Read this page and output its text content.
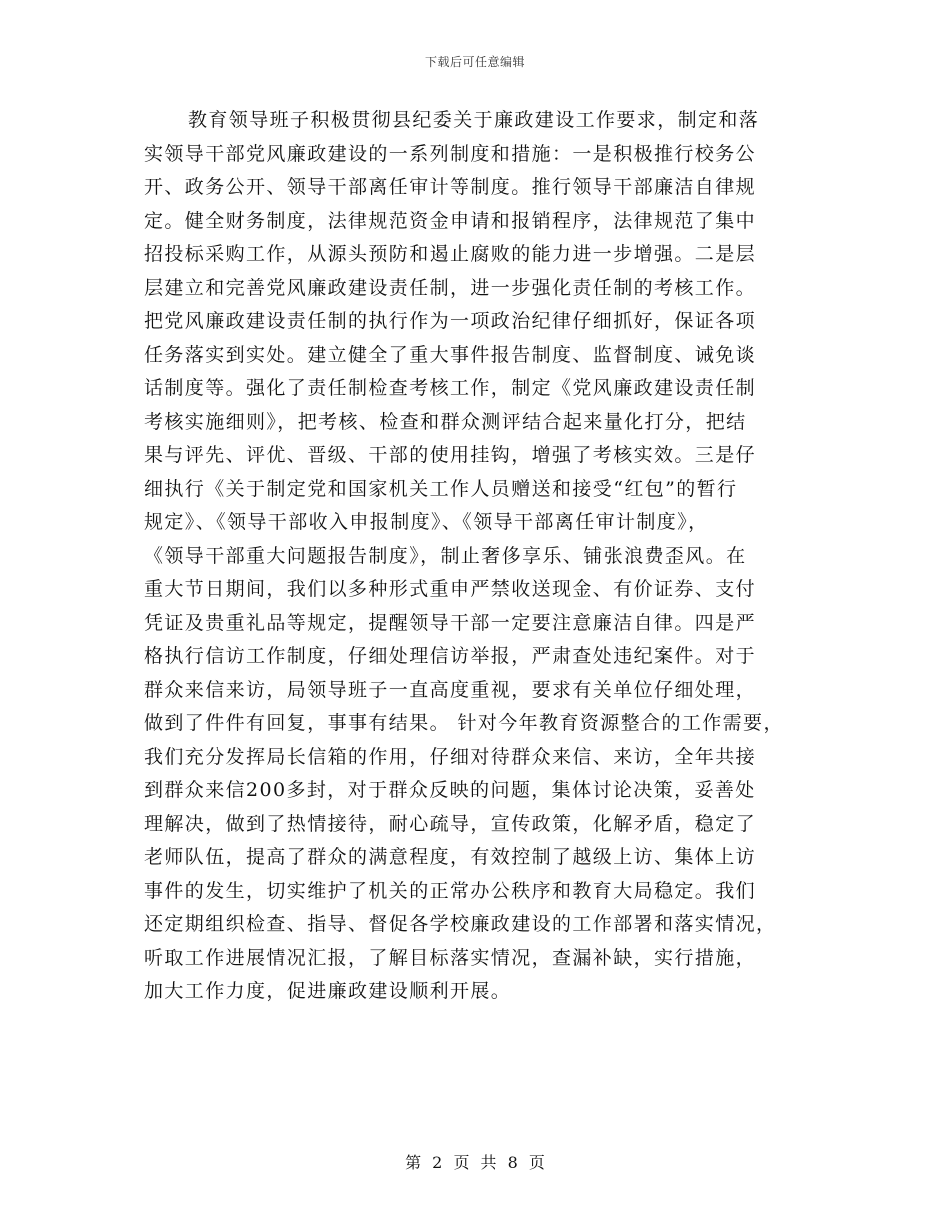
下载后可任意编辑
教育领导班子积极贯彻县纪委关于廉政建设工作要求，制定和落
实领导干部党风廉政建设的一系列制度和措施：一是积极推行校务公
开、政务公开、领导干部离任审计等制度。推行领导干部廉洁自律规
定。健全财务制度，法律规范资金申请和报销程序，法律规范了集中
招投标采购工作，从源头预防和遏止腐败的能力进一步增强。二是层
层建立和完善党风廉政建设责任制，进一步强化责任制的考核工作。
把党风廉政建设责任制的执行作为一项政治纪律仔细抓好，保证各项
任务落实到实处。建立健全了重大事件报告制度、监督制度、诫免谈
话制度等。强化了责任制检查考核工作，制定《党风廉政建设责任制
考核实施细则》，把考核、检查和群众测评结合起来量化打分，把结
果与评先、评优、晋级、干部的使用挂钩，增强了考核实效。三是仔
细执行《关于制定党和国家机关工作人员赠送和接受“红包”的暂行
规定》、《领导干部收入申报制度》、《领导干部离任审计制度》，
《领导干部重大问题报告制度》，制止奢侈享乐、铺张浪费歪风。在
重大节日期间，我们以多种形式重申严禁收送现金、有价证券、支付
凭证及贵重礼品等规定，提醒领导干部一定要注意廉洁自律。四是严
格执行信访工作制度，仔细处理信访举报，严肃查处违纪案件。对于
群众来信来访，局领导班子一直高度重视，要求有关单位仔细处理，
做到了件件有回复，事事有结果。 针对今年教育资源整合的工作需要，
我们充分发挥局长信箱的作用，仔细对待群众来信、来访，全年共接
到群众来信200多封，对于群众反映的问题，集体讨论决策，妥善处
理解决，做到了热情接待，耐心疏导，宣传政策，化解矛盾，稳定了
老师队伍，提高了群众的满意程度，有效控制了越级上访、集体上访
事件的发生，切实维护了机关的正常办公秩序和教育大局稳定。我们
还定期组织检查、指导、督促各学校廉政建设的工作部署和落实情况，
听取工作进展情况汇报，了解目标落实情况，查漏补缺，实行措施，
加大工作力度，促进廉政建设顺利开展。
第 2 页 共 8 页
